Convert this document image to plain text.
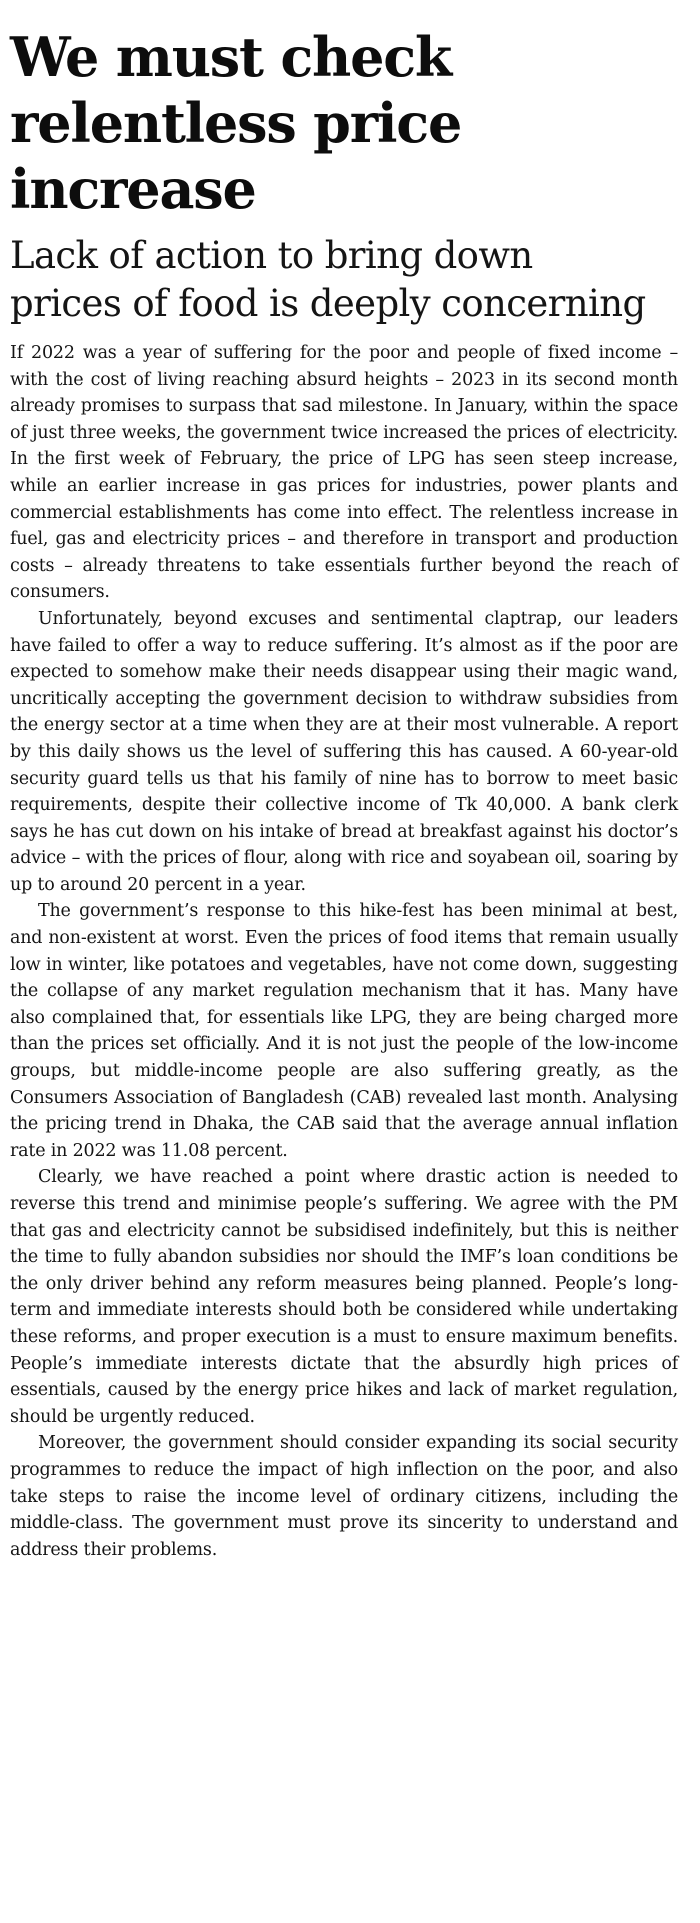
We must check
relentless price
increase
Lack of action to bring down
prices of food is deeply concerning

If 2022 was a year of suffering for the poor and people of fixed income – with the cost of living reaching absurd heights – 2023 in its second month already promises to surpass that sad milestone. In January, within the space of just three weeks, the government twice increased the prices of electricity. In the first week of February, the price of LPG has seen steep increase, while an earlier increase in gas prices for industries, power plants and commercial establishments has come into effect. The relentless increase in fuel, gas and electricity prices – and therefore in transport and production costs – already threatens to take essentials further beyond the reach of consumers.

Unfortunately, beyond excuses and sentimental claptrap, our leaders have failed to offer a way to reduce suffering. It’s almost as if the poor are expected to somehow make their needs disappear using their magic wand, uncritically accepting the government decision to withdraw subsidies from the energy sector at a time when they are at their most vulnerable. A report by this daily shows us the level of suffering this has caused. A 60-year-old security guard tells us that his family of nine has to borrow to meet basic requirements, despite their collective income of Tk 40,000. A bank clerk says he has cut down on his intake of bread at breakfast against his doctor’s advice – with the prices of flour, along with rice and soyabean oil, soaring by up to around 20 percent in a year.

The government’s response to this hike-fest has been minimal at best, and non-existent at worst. Even the prices of food items that remain usually low in winter, like potatoes and vegetables, have not come down, suggesting the collapse of any market regulation mechanism that it has. Many have also complained that, for essentials like LPG, they are being charged more than the prices set officially. And it is not just the people of the low-income groups, but middle-income people are also suffering greatly, as the Consumers Association of Bangladesh (CAB) revealed last month. Analysing the pricing trend in Dhaka, the CAB said that the average annual inflation rate in 2022 was 11.08 percent.

Clearly, we have reached a point where drastic action is needed to reverse this trend and minimise people’s suffering. We agree with the PM that gas and electricity cannot be subsidised indefinitely, but this is neither the time to fully abandon subsidies nor should the IMF’s loan conditions be the only driver behind any reform measures being planned. People’s long-term and immediate interests should both be considered while undertaking these reforms, and proper execution is a must to ensure maximum benefits. People’s immediate interests dictate that the absurdly high prices of essentials, caused by the energy price hikes and lack of market regulation, should be urgently reduced.

Moreover, the government should consider expanding its social security programmes to reduce the impact of high inflection on the poor, and also take steps to raise the income level of ordinary citizens, including the middle-class. The government must prove its sincerity to understand and address their problems.
